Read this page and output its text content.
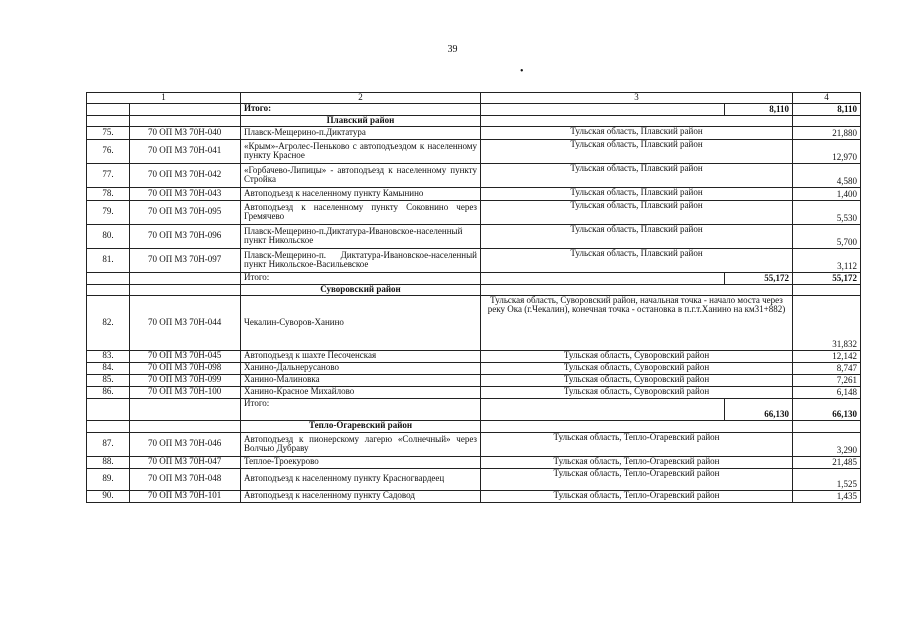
39
•
1		2	3		4	
		Итого:		8,110	8,110	
		Плавский район				
75.	70 ОП МЗ 70Н-040	Плавск-Мещерино-п.Диктатура	Тульская область, Плавский район		21,880	
76.	70 ОП МЗ 70Н-041	«Крым»-Агролес-Пеньково с автоподъездом к населенному пункту Красное	Тульская область, Плавский район		12,970	
77.	70 ОП МЗ 70Н-042	«Горбачево-Липицы» - автоподъезд к населенному пункту Стройка	Тульская область, Плавский район		4,580	
78.	70 ОП МЗ 70Н-043	Автоподъезд к населенному пункту Камынино	Тульская область, Плавский район		1,400	
79.	70 ОП МЗ 70Н-095	Автоподъезд к населенному пункту Соковнино через Гремячево	Тульская область, Плавский район		5,530	
80.	70 ОП МЗ 70Н-096	Плавск-Мещерино-п.Диктатура-Ивановское-населенный пункт Никольское	Тульская область, Плавский район		5,700	
81.	70 ОП МЗ 70Н-097	Плавск-Мещерино-п. Диктатура-Ивановское-населенный пункт Никольское-Васильевское	Тульская область, Плавский район		3,112	
		Итого:		55,172	55,172	
		Суворовский район				
82.	70 ОП МЗ 70Н-044	Чекалин-Суворов-Ханино	Тульская область, Суворовский район, начальная точка - начало моста через реку Ока (г.Чекалин), конечная точка - остановка в п.г.т.Ханино на км31+882)		31,832	
83.	70 ОП МЗ 70Н-045	Автоподъезд к шахте Песоченская	Тульская область, Суворовский район		12,142	
84.	70 ОП МЗ 70Н-098	Ханино-Дальнерусаново	Тульская область, Суворовский район		8,747	
85.	70 ОП МЗ 70Н-099	Ханино-Малиновка	Тульская область, Суворовский район		7,261	
86.	70 ОП МЗ 70Н-100	Ханино-Красное Михайлово	Тульская область, Суворовский район		6,148	
		Итого:		66,130	66,130	
		Тепло-Огаревский район				
87.	70 ОП МЗ 70Н-046	Автоподъезд к пионерскому лагерю «Солнечный» через Волчью Дубраву	Тульская область, Тепло-Огаревский район		3,290	
88.	70 ОП МЗ 70Н-047	Теплое-Троекурово	Тульская область, Тепло-Огаревский район		21,485	
89.	70 ОП МЗ 70Н-048	Автоподъезд к населенному пункту Красногвардеец	Тульская область, Тепло-Огаревский район		1,525	
90.	70 ОП МЗ 70Н-101	Автоподъезд к населенному пункту Садовод	Тульская область, Тепло-Огаревский район		1,435	
